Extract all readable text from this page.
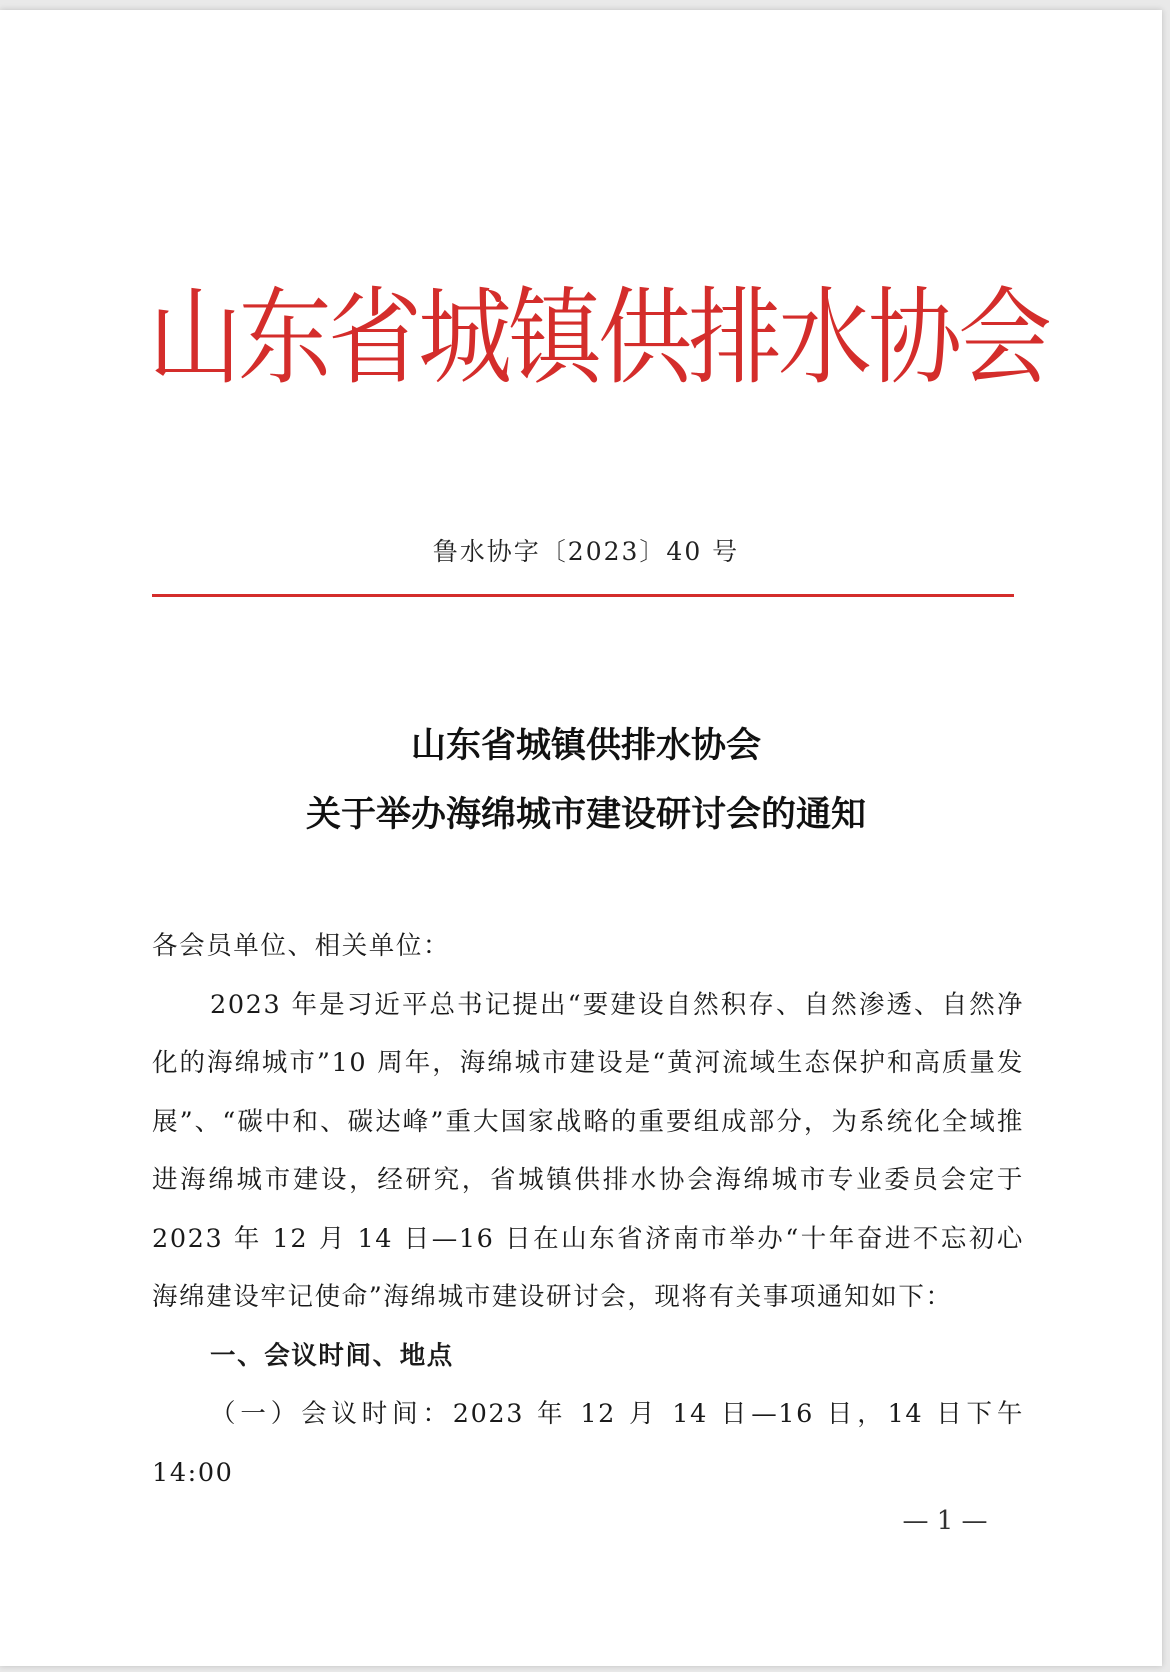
山东省城镇供排水协会
鲁水协字〔2023〕40 号
山东省城镇供排水协会
关于举办海绵城市建设研讨会的通知

各会员单位、相关单位：

2023 年是习近平总书记提出“要建设自然积存、自然渗透、自然净化的海绵城市”10 周年，海绵城市建设是“黄河流域生态保护和高质量发展”、“碳中和、碳达峰”重大国家战略的重要组成部分，为系统化全域推进海绵城市建设，经研究，省城镇供排水协会海绵城市专业委员会定于 2023 年 12 月 14 日—16 日在山东省济南市举办“十年奋进不忘初心 海绵建设牢记使命”海绵城市建设研讨会，现将有关事项通知如下：

一、会议时间、地点

（一）会议时间：2023 年 12 月 14 日—16 日，14 日下午 14:00

— 1 —
